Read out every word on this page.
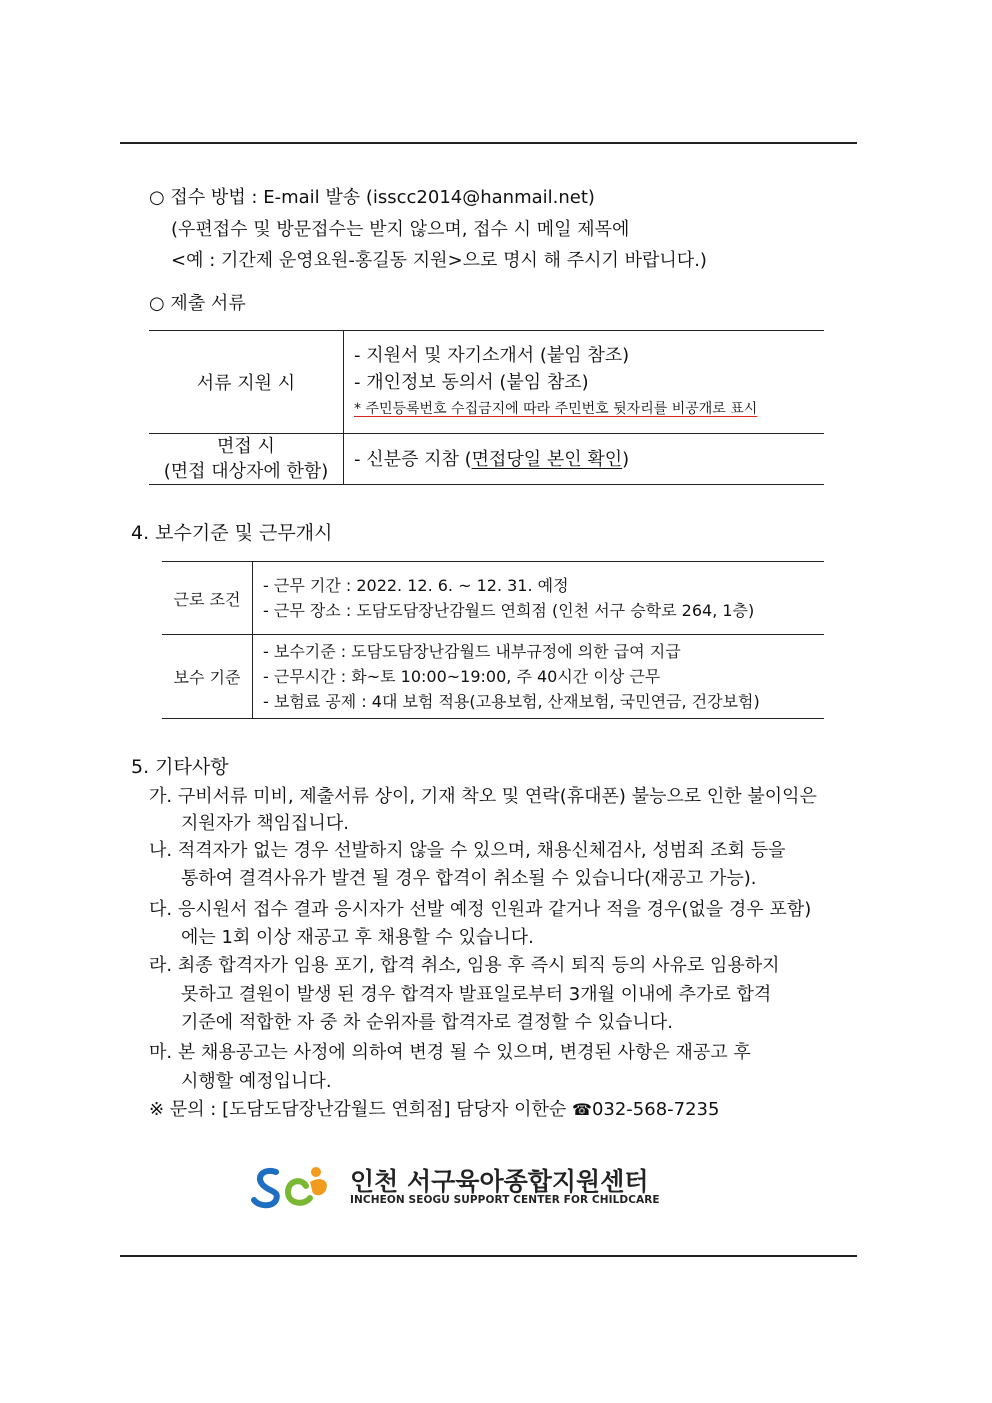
○ 접수 방법 : E-mail 발송 (isscc2014@hanmail.net)
(우편접수 및 방문접수는 받지 않으며, 접수 시 메일 제목에
<예 : 기간제 운영요원-홍길동 지원>으로 명시 해 주시기 바랍니다.)
○ 제출 서류
서류 지원 시	- 지원서 및 자기소개서 (붙임 참조)
- 개인정보 동의서 (붙임 참조)
* 주민등록번호 수집금지에 따라 주민번호 뒷자리를 비공개로 표시

면접 시
(면접 대상자에 한함)	- 신분증 지참 (면접당일 본인 확인)
4. 보수기준 및 근무개시
근로 조건	- 근무 기간 : 2022. 12. 6. ~ 12. 31. 예정
- 근무 장소 : 도담도담장난감월드 연희점 (인천 서구 승학로 264, 1층)

보수 기준	- 보수기준 : 도담도담장난감월드 내부규정에 의한 급여 지급
- 근무시간 : 화~토 10:00~19:00, 주 40시간 이상 근무
- 보험료 공제 : 4대 보험 적용(고용보험, 산재보험, 국민연금, 건강보험)
5. 기타사항
가. 구비서류 미비, 제출서류 상이, 기재 착오 및 연락(휴대폰) 불능으로 인한 불이익은
지원자가 책임집니다.
나. 적격자가 없는 경우 선발하지 않을 수 있으며, 채용신체검사, 성범죄 조회 등을
통하여 결격사유가 발견 될 경우 합격이 취소될 수 있습니다(재공고 가능).
다. 응시원서 접수 결과 응시자가 선발 예정 인원과 같거나 적을 경우(없을 경우 포함)
에는 1회 이상 재공고 후 채용할 수 있습니다.
라. 최종 합격자가 임용 포기, 합격 취소, 임용 후 즉시 퇴직 등의 사유로 임용하지
못하고 결원이 발생 된 경우 합격자 발표일로부터 3개월 이내에 추가로 합격
기준에 적합한 자 중 차 순위자를 합격자로 결정할 수 있습니다.
마. 본 채용공고는 사정에 의하여 변경 될 수 있으며, 변경된 사항은 재공고 후
시행할 예정입니다.
※ 문의 : [도담도담장난감월드 연희점] 담당자 이한순 ☎032-568-7235
인천 서구육아종합지원센터
INCHEON SEOGU SUPPORT CENTER FOR CHILDCARE
